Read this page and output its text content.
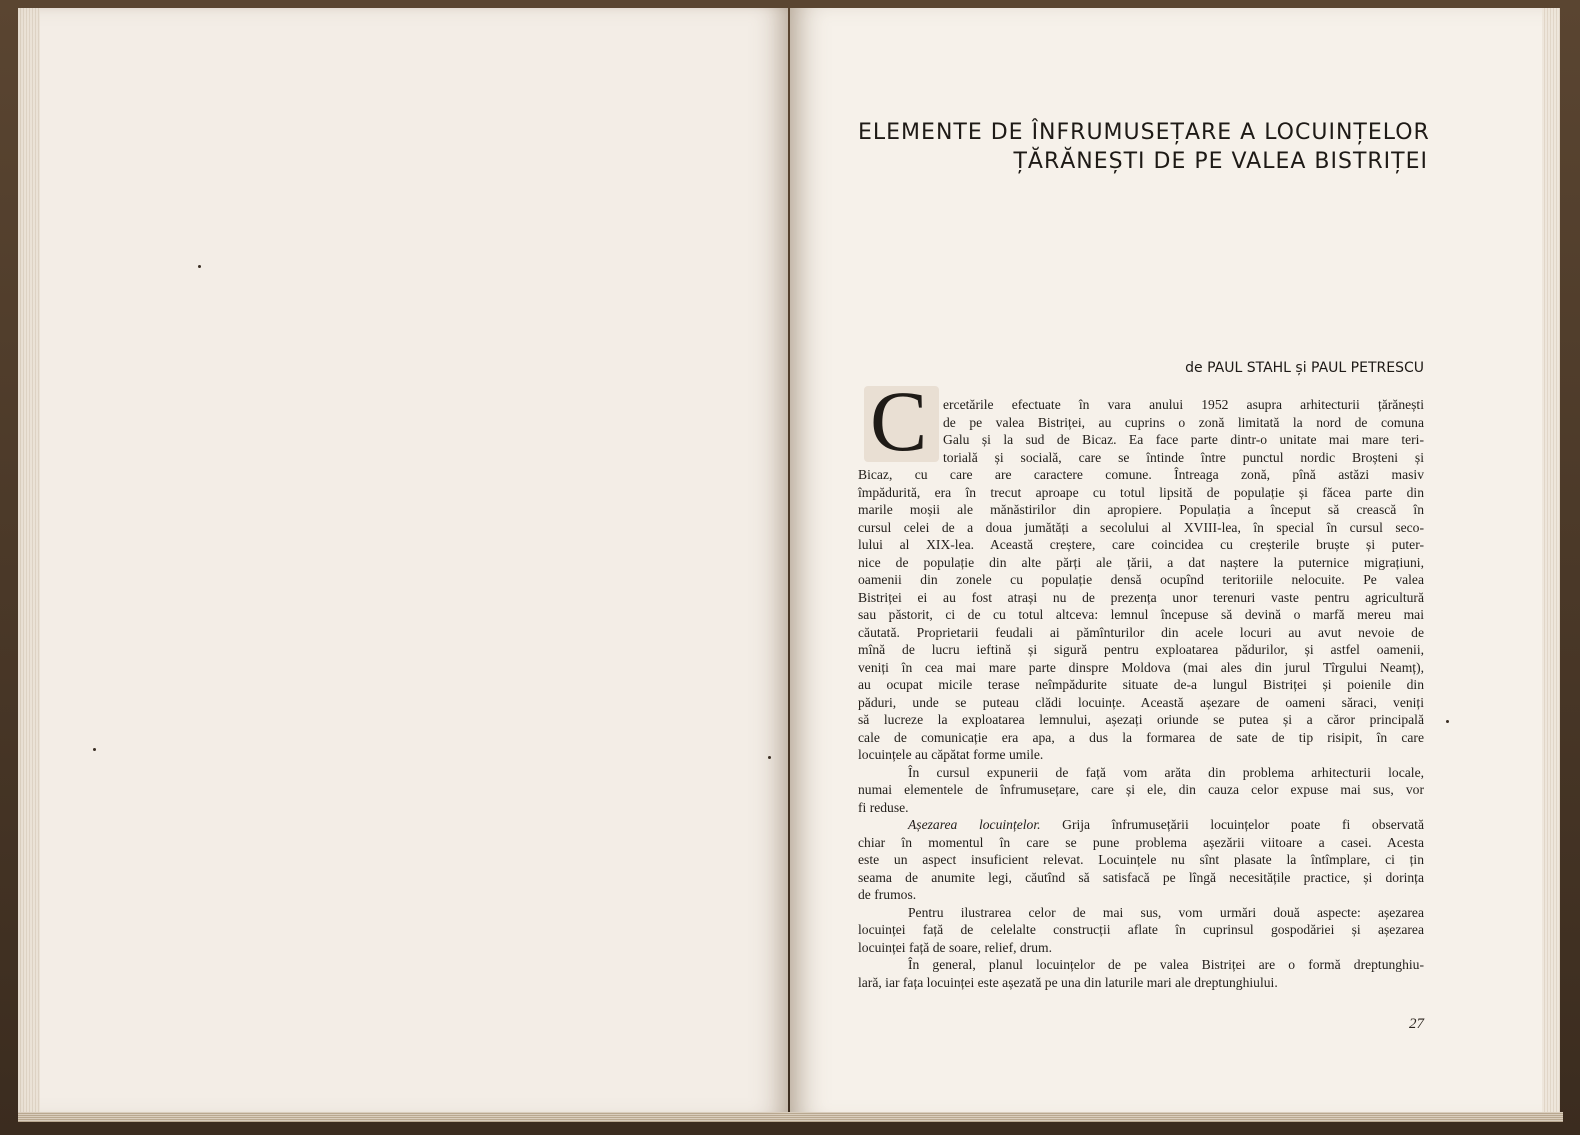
ELEMENTE DE ÎNFRUMUSEȚARE A LOCUINȚELOR
ȚĂRĂNEȘTI DE PE VALEA BISTRIȚEI
de PAUL STAHL și PAUL PETRESCU
C	ercetările efectuate în vara anului 1952 asupra arhitecturii țărănești
de pe valea Bistriței, au cuprins o zonă limitată la nord de comuna
Galu și la sud de Bicaz. Ea face parte dintr-o unitate mai mare teri-
torială și socială, care se întinde între punctul nordic Broșteni și
Bicaz, cu care are caractere comune. Întreaga zonă, pînă astăzi masiv
împădurită, era în trecut aproape cu totul lipsită de populație și făcea parte din
marile moșii ale mănăstirilor din apropiere. Populația a început să crească în
cursul celei de a doua jumătăți a secolului al XVIII-lea, în special în cursul seco-
lului al XIX-lea. Această creștere, care coincidea cu creșterile bruște și puter-
nice de populație din alte părți ale țării, a dat naștere la puternice migrațiuni,
oamenii din zonele cu populație densă ocupînd teritoriile nelocuite. Pe valea
Bistriței ei au fost atrași nu de prezența unor terenuri vaste pentru agricultură
sau păstorit, ci de cu totul altceva: lemnul începuse să devină o marfă mereu mai
căutată. Proprietarii feudali ai pămînturilor din acele locuri au avut nevoie de
mînă de lucru ieftină și sigură pentru exploatarea pădurilor, și astfel oamenii,
veniți în cea mai mare parte dinspre Moldova (mai ales din jurul Tîrgului Neamț),
au ocupat micile terase neîmpădurite situate de-a lungul Bistriței și poienile din
păduri, unde se puteau clădi locuințe. Această așezare de oameni săraci, veniți
să lucreze la exploatarea lemnului, așezați oriunde se putea și a căror principală
cale de comunicație era apa, a dus la formarea de sate de tip risipit, în care
locuințele au căpătat forme umile.
În cursul expunerii de față vom arăta din problema arhitecturii locale,
numai elementele de înfrumusețare, care și ele, din cauza celor expuse mai sus, vor
fi reduse.
Așezarea locuințelor. Grija înfrumusețării locuințelor poate fi observată
chiar în momentul în care se pune problema așezării viitoare a casei. Acesta
este un aspect insuficient relevat. Locuințele nu sînt plasate la întîmplare, ci țin
seama de anumite legi, căutînd să satisfacă pe lîngă necesitățile practice, și dorința
de frumos.
Pentru ilustrarea celor de mai sus, vom urmări două aspecte: așezarea
locuinței față de celelalte construcții aflate în cuprinsul gospodăriei și așezarea
locuinței față de soare, relief, drum.
În general, planul locuințelor de pe valea Bistriței are o formă dreptunghiu-
lară, iar fața locuinței este așezată pe una din laturile mari ale dreptunghiului.
27
